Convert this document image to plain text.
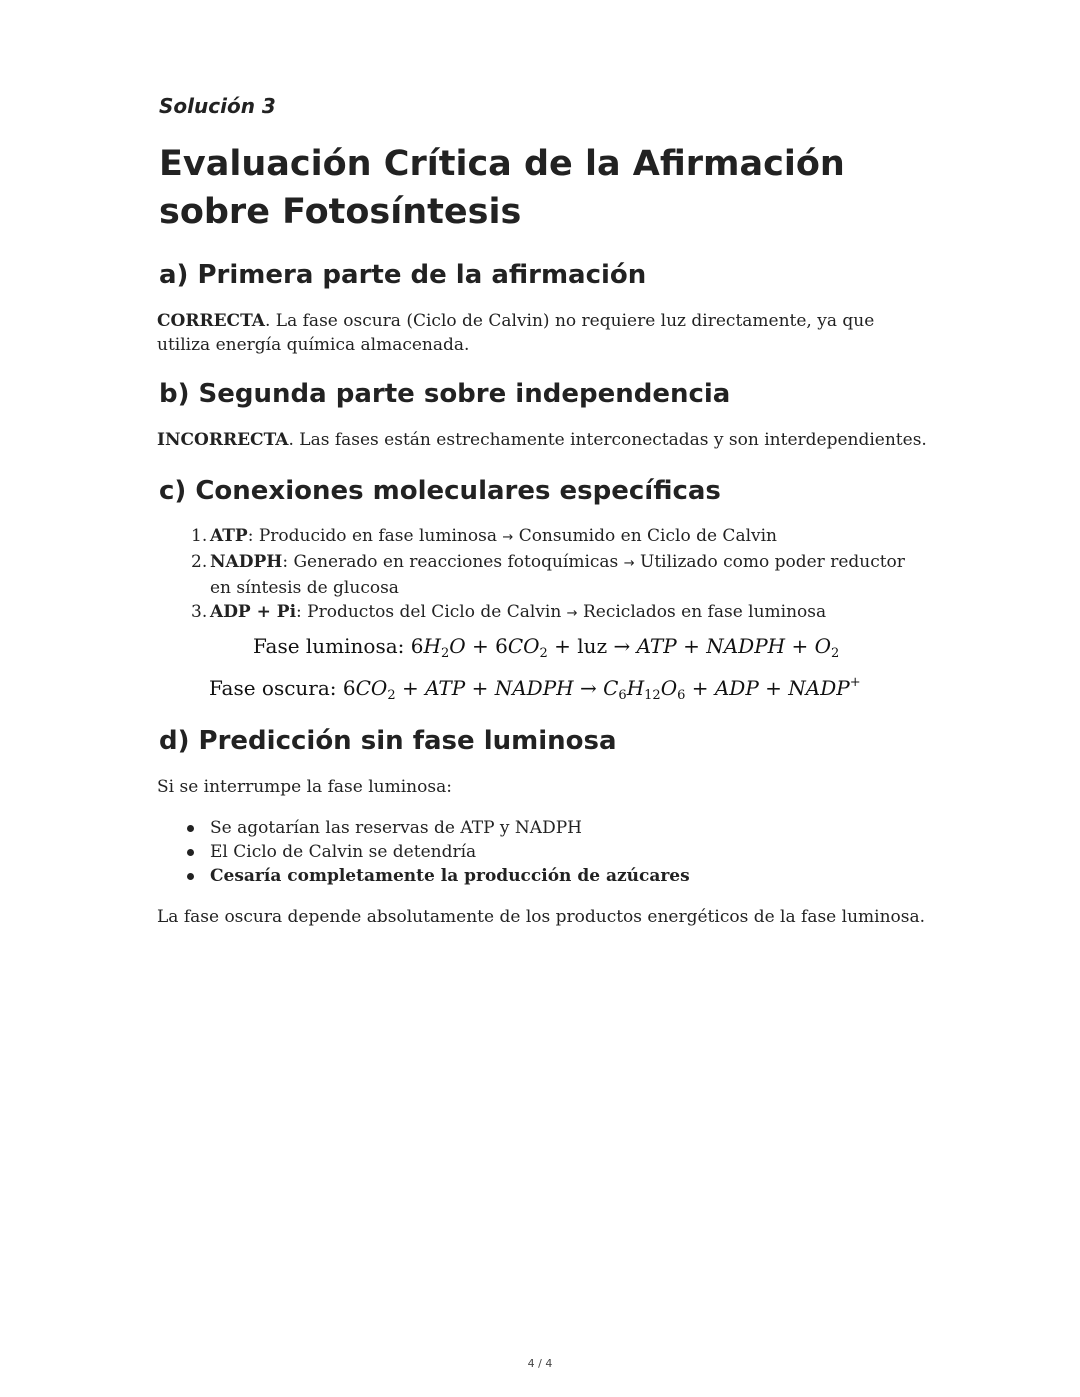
Solución 3
Evaluación Crítica de la Afirmación sobre Fotosíntesis
a) Primera parte de la afirmación

CORRECTA. La fase oscura (Ciclo de Calvin) no requiere luz directamente, ya que utiliza energía química almacenada.

b) Segunda parte sobre independencia

INCORRECTA. Las fases están estrechamente interconectadas y son interdependientes.

c) Conexiones moleculares específicas
1. ATP: Producido en fase luminosa → Consumido en Ciclo de Calvin
2. NADPH: Generado en reacciones fotoquímicas → Utilizado como poder reductor en síntesis de glucosa
3. ADP + Pi: Productos del Ciclo de Calvin → Reciclados en fase luminosa
Fase luminosa: $6H_2O + 6CO_2$ + luz → ATP + NADPH + $O_2$
Fase oscura: $6CO_2$ + ATP + NADPH → $C_6H_{12}O_6$ + ADP + NADP+
d) Predicción sin fase luminosa

Si se interrumpe la fase luminosa:

Se agotarían las reservas de ATP y NADPH
El Ciclo de Calvin se detendría
Cesaría completamente la producción de azúcares

La fase oscura depende absolutamente de los productos energéticos de la fase luminosa.

4 / 4
